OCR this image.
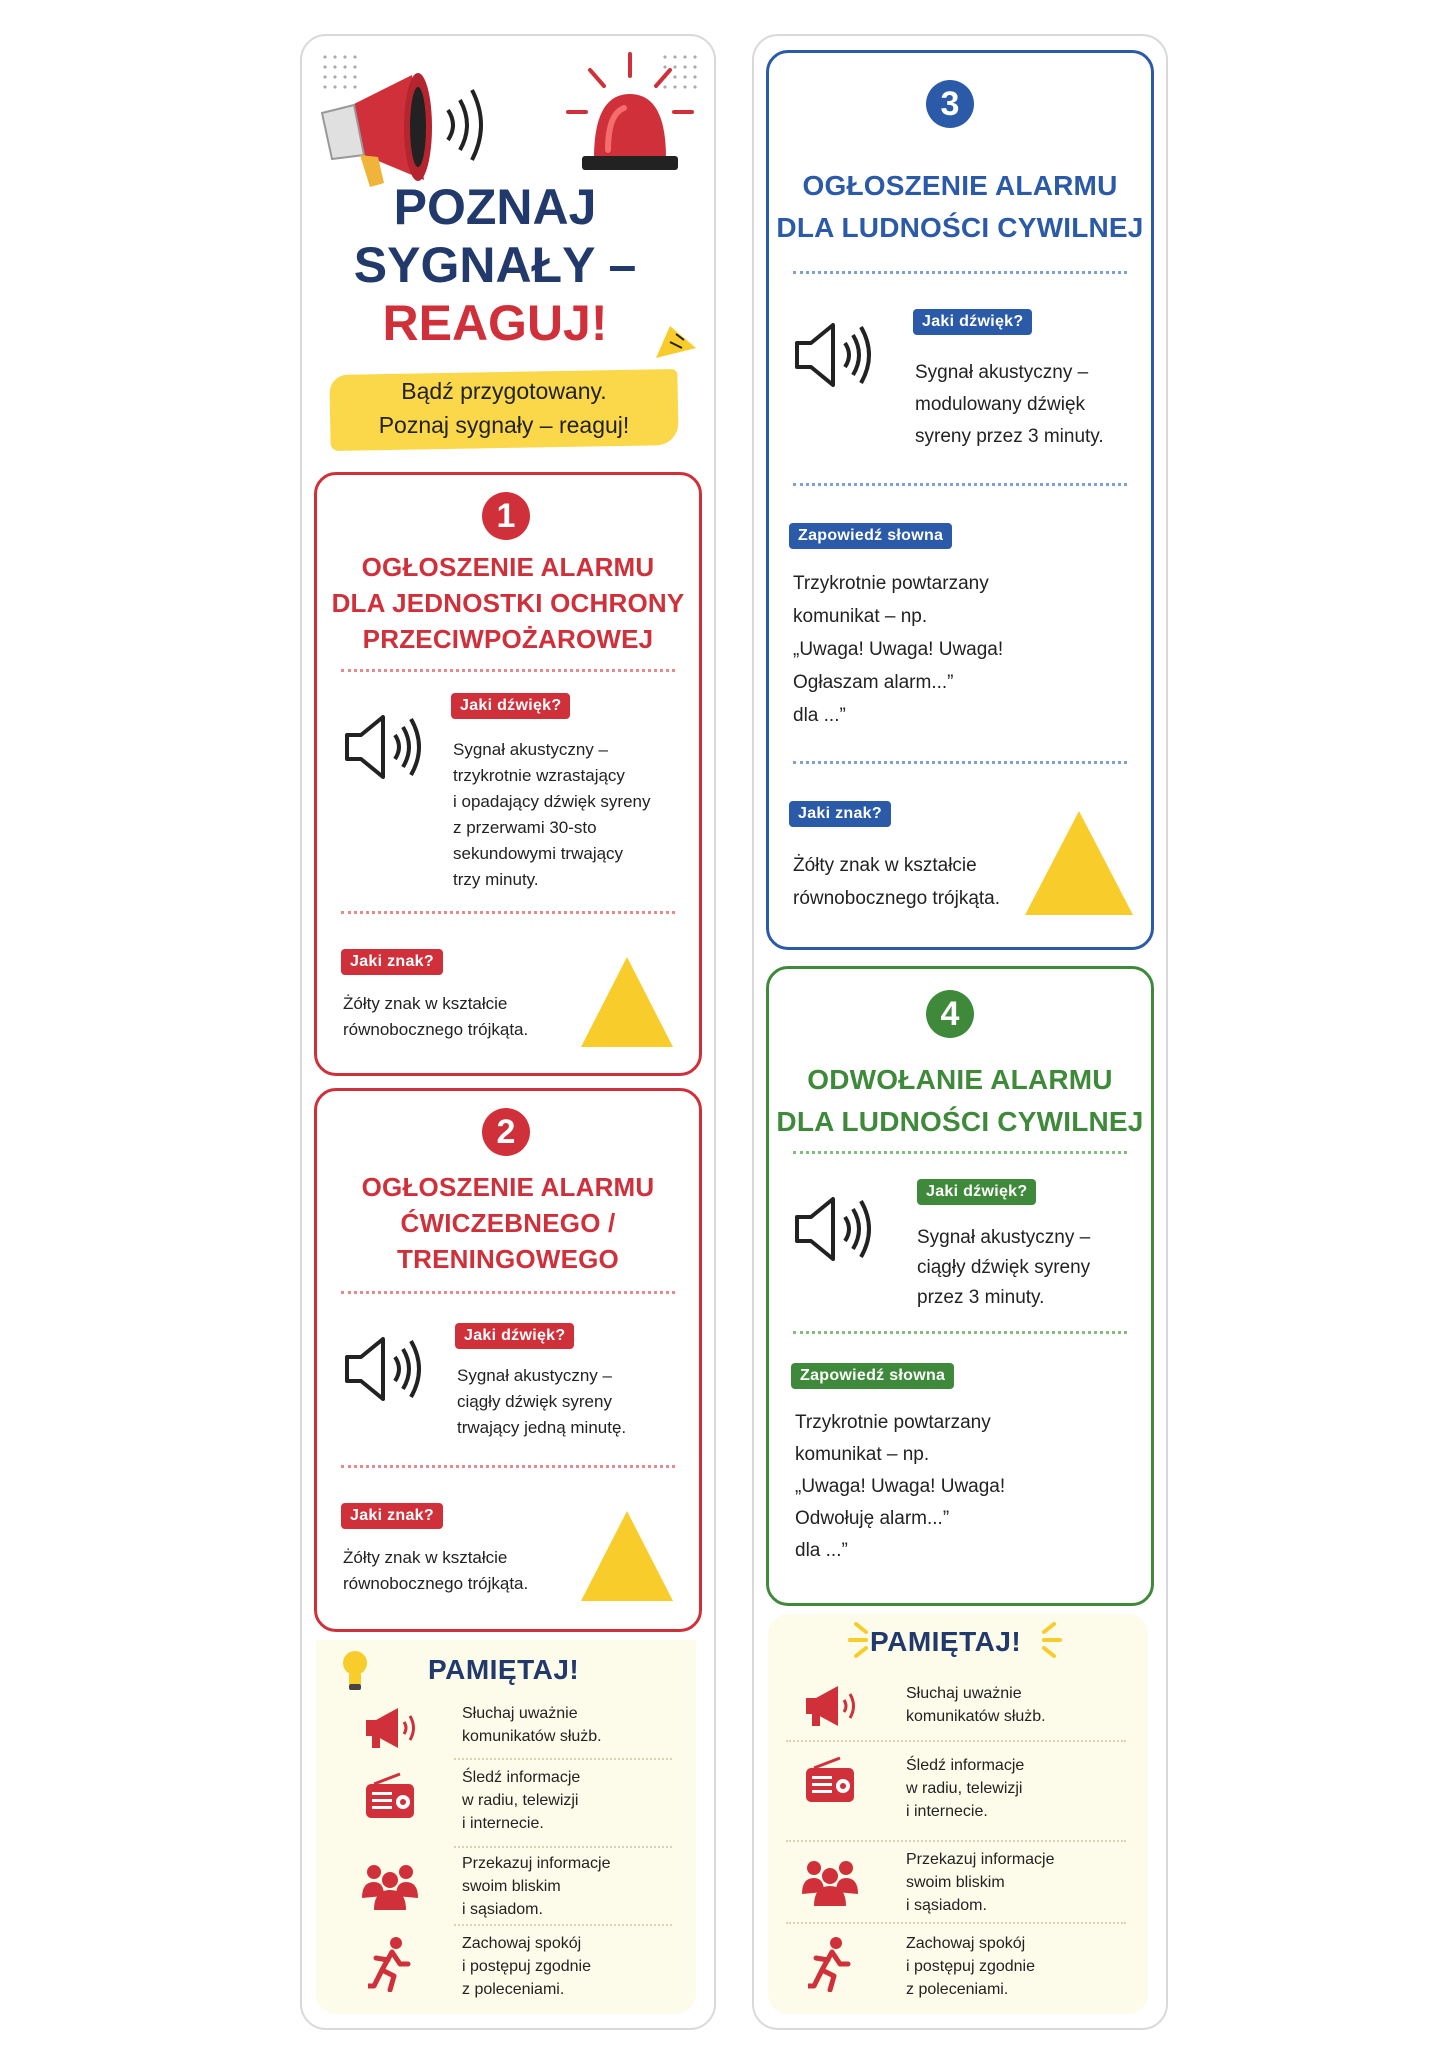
POZNAJ
SYGNAŁY –
REAGUJ!
Bądź przygotowany.
Poznaj sygnały – reaguj!
1
OGŁOSZENIE ALARMU
DLA JEDNOSTKI OCHRONY
PRZECIWPOŻAROWEJ
Jaki dźwięk?
Sygnał akustyczny –
trzykrotnie wzrastający
i opadający dźwięk syreny
z przerwami 30-sto
sekundowymi trwający
trzy minuty.
Jaki znak?
Żółty znak w kształcie
równobocznego trójkąta.
2
OGŁOSZENIE ALARMU
ĆWICZEBNEGO /
TRENINGOWEGO
Jaki dźwięk?
Sygnał akustyczny –
ciągły dźwięk syreny
trwający jedną minutę.
Jaki znak?
Żółty znak w kształcie
równobocznego trójkąta.
PAMIĘTAJ!
Słuchaj uważnie
komunikatów służb.
Śledź informacje
w radiu, telewizji
i internecie.
Przekazuj informacje
swoim bliskim
i sąsiadom.
Zachowaj spokój
i postępuj zgodnie
z poleceniami.
3
OGŁOSZENIE ALARMU
DLA LUDNOŚCI CYWILNEJ
Jaki dźwięk?
Sygnał akustyczny –
modulowany dźwięk
syreny przez 3 minuty.
Zapowiedź słowna
Trzykrotnie powtarzany
komunikat – np.
„Uwaga! Uwaga! Uwaga!
Ogłaszam alarm...”
dla ...”
Jaki znak?
Żółty znak w kształcie
równobocznego trójkąta.
4
ODWOŁANIE ALARMU
DLA LUDNOŚCI CYWILNEJ
Jaki dźwięk?
Sygnał akustyczny –
ciągły dźwięk syreny
przez 3 minuty.
Zapowiedź słowna
Trzykrotnie powtarzany
komunikat – np.
„Uwaga! Uwaga! Uwaga!
Odwołuję alarm...”
dla ...”
PAMIĘTAJ!
Słuchaj uważnie
komunikatów służb.
Śledź informacje
w radiu, telewizji
i internecie.
Przekazuj informacje
swoim bliskim
i sąsiadom.
Zachowaj spokój
i postępuj zgodnie
z poleceniami.
